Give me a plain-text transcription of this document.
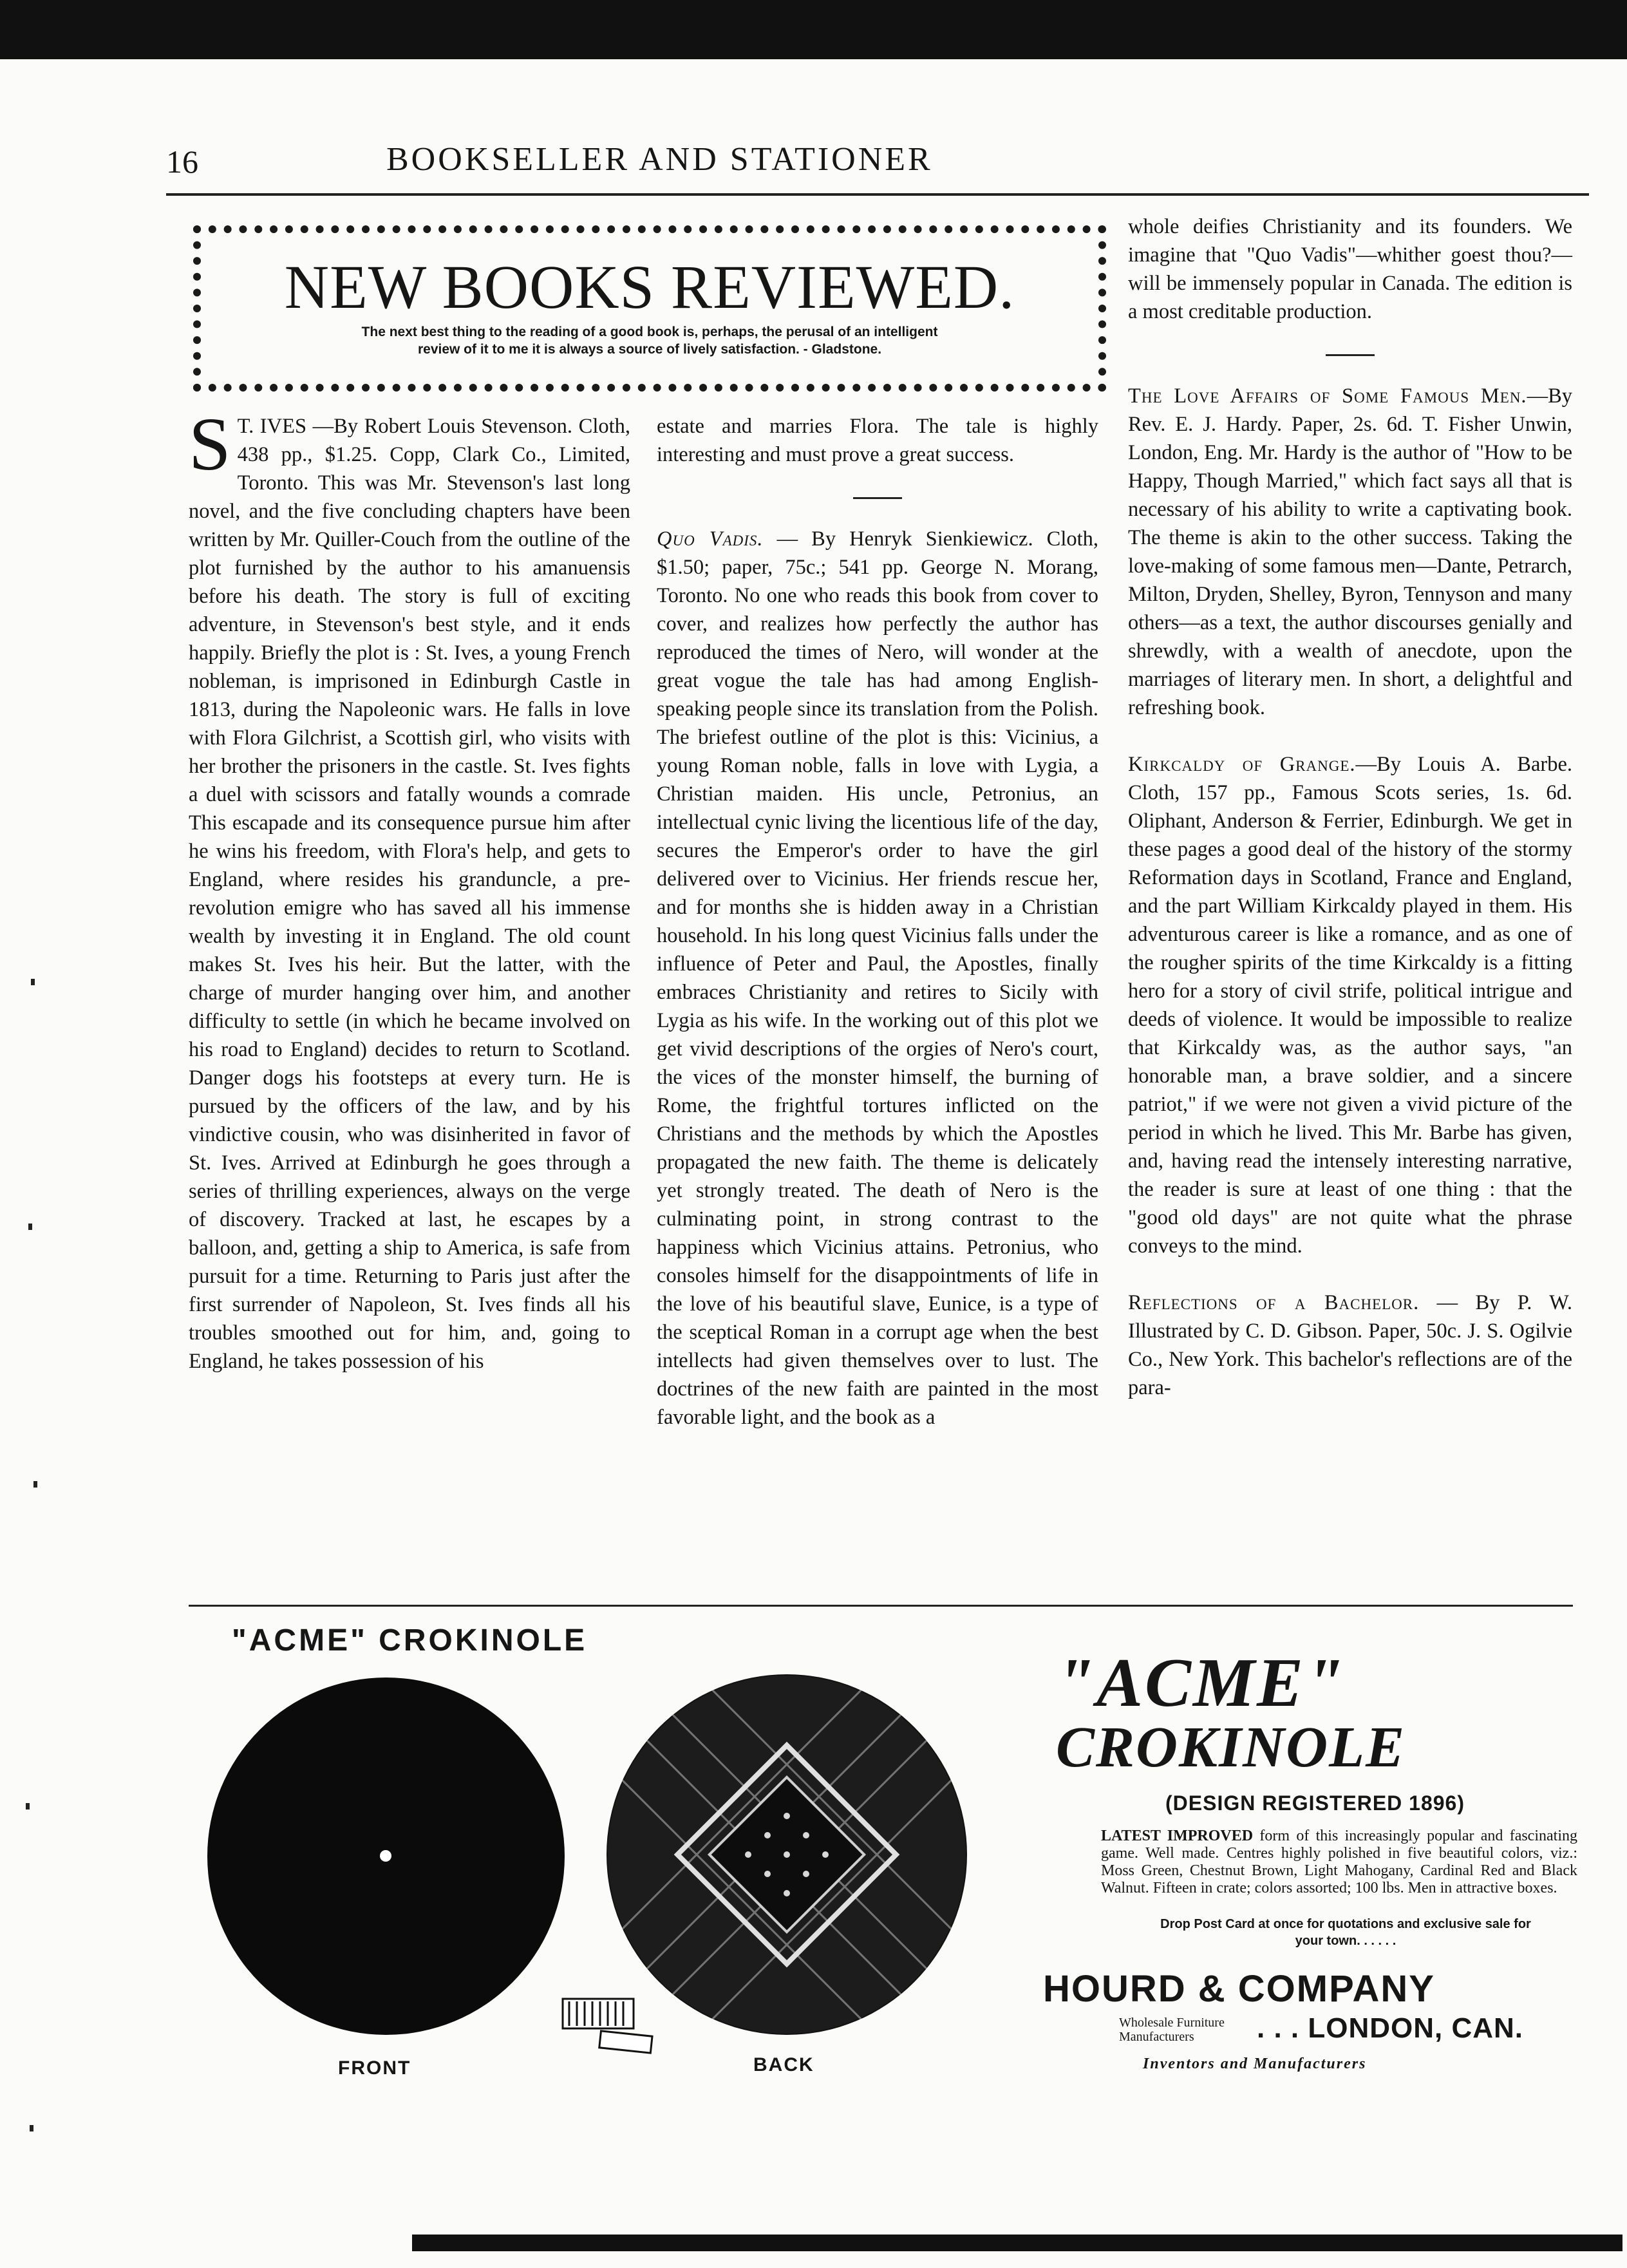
16	BOOKSELLER AND STATIONER
NEW BOOKS REVIEWED.
The next best thing to the reading of a good book is, perhaps, the perusal of an intelligent
review of it to me it is always a source of lively satisfaction. - Gladstone.

S T. IVES —By Robert Louis Stevenson. Cloth, 438 pp., $1.25. Copp, Clark Co., Limited, Toronto. This was Mr. Stevenson's last long novel, and the five concluding chapters have been written by Mr. Quiller-Couch from the outline of the plot furnished by the author to his amanuensis before his death. The story is full of exciting adventure, in Stevenson's best style, and it ends happily. Briefly the plot is : St. Ives, a young French nobleman, is imprisoned in Edinburgh Castle in 1813, during the Napoleonic wars. He falls in love with Flora Gilchrist, a Scottish girl, who visits with her brother the prisoners in the castle. St. Ives fights a duel with scissors and fatally wounds a comrade This escapade and its consequence pursue him after he wins his freedom, with Flora's help, and gets to England, where resides his granduncle, a pre-revolution emigre who has saved all his immense wealth by investing it in England. The old count makes St. Ives his heir. But the latter, with the charge of murder hanging over him, and another difficulty to settle (in which he became involved on his road to England) decides to return to Scotland. Danger dogs his footsteps at every turn. He is pursued by the officers of the law, and by his vindictive cousin, who was disinherited in favor of St. Ives. Arrived at Edinburgh he goes through a series of thrilling experiences, always on the verge of discovery. Tracked at last, he escapes by a balloon, and, getting a ship to America, is safe from pursuit for a time. Returning to Paris just after the first surrender of Napoleon, St. Ives finds all his troubles smoothed out for him, and, going to England, he takes possession of his

estate and marries Flora. The tale is highly interesting and must prove a great success.

Quo Vadis. — By Henryk Sienkiewicz. Cloth, $1.50; paper, 75c.; 541 pp. George N. Morang, Toronto. No one who reads this book from cover to cover, and realizes how perfectly the author has reproduced the times of Nero, will wonder at the great vogue the tale has had among English-speaking people since its translation from the Polish. The briefest outline of the plot is this: Vicinius, a young Roman noble, falls in love with Lygia, a Christian maiden. His uncle, Petronius, an intellectual cynic living the licentious life of the day, secures the Emperor's order to have the girl delivered over to Vicinius. Her friends rescue her, and for months she is hidden away in a Christian household. In his long quest Vicinius falls under the influence of Peter and Paul, the Apostles, finally embraces Christianity and retires to Sicily with Lygia as his wife. In the working out of this plot we get vivid descriptions of the orgies of Nero's court, the vices of the monster himself, the burning of Rome, the frightful tortures inflicted on the Christians and the methods by which the Apostles propagated the new faith. The theme is delicately yet strongly treated. The death of Nero is the culminating point, in strong contrast to the happiness which Vicinius attains. Petronius, who consoles himself for the disappointments of life in the love of his beautiful slave, Eunice, is a type of the sceptical Roman in a corrupt age when the best intellects had given themselves over to lust. The doctrines of the new faith are painted in the most favorable light, and the book as a

whole deifies Christianity and its founders. We imagine that "Quo Vadis"—whither goest thou?—will be immensely popular in Canada. The edition is a most creditable production.

The Love Affairs of Some Famous Men.—By Rev. E. J. Hardy. Paper, 2s. 6d. T. Fisher Unwin, London, Eng. Mr. Hardy is the author of "How to be Happy, Though Married," which fact says all that is necessary of his ability to write a captivating book. The theme is akin to the other success. Taking the love-making of some famous men—Dante, Petrarch, Milton, Dryden, Shelley, Byron, Tennyson and many others—as a text, the author discourses genially and shrewdly, with a wealth of anecdote, upon the marriages of literary men. In short, a delightful and refreshing book.

Kirkcaldy of Grange.—By Louis A. Barbe. Cloth, 157 pp., Famous Scots series, 1s. 6d. Oliphant, Anderson & Ferrier, Edinburgh. We get in these pages a good deal of the history of the stormy Reformation days in Scotland, France and England, and the part William Kirkcaldy played in them. His adventurous career is like a romance, and as one of the rougher spirits of the time Kirkcaldy is a fitting hero for a story of civil strife, political intrigue and deeds of violence. It would be impossible to realize that Kirkcaldy was, as the author says, "an honorable man, a brave soldier, and a sincere patriot," if we were not given a vivid picture of the period in which he lived. This Mr. Barbe has given, and, having read the intensely interesting narrative, the reader is sure at least of one thing : that the "good old days" are not quite what the phrase conveys to the mind.

Reflections of a Bachelor. — By P. W. Illustrated by C. D. Gibson. Paper, 50c. J. S. Ogilvie Co., New York. This bachelor's reflections are of the para-

"ACME" CROKINOLE
FRONT	BACK
"ACME"
CROKINOLE
(DESIGN REGISTERED 1896)
LATEST IMPROVED form of this increasingly popular and fascinating game. Well made. Centres highly polished in five beautiful colors, viz.: Moss Green, Chestnut Brown, Light Mahogany, Cardinal Red and Black Walnut. Fifteen in crate; colors assorted; 100 lbs. Men in attractive boxes.
Drop Post Card at once for quotations and exclusive sale for your town. . . . . .
HOURD & COMPANY
Wholesale Furniture Manufacturers	. . . LONDON, CAN.
Inventors and Manufacturers
